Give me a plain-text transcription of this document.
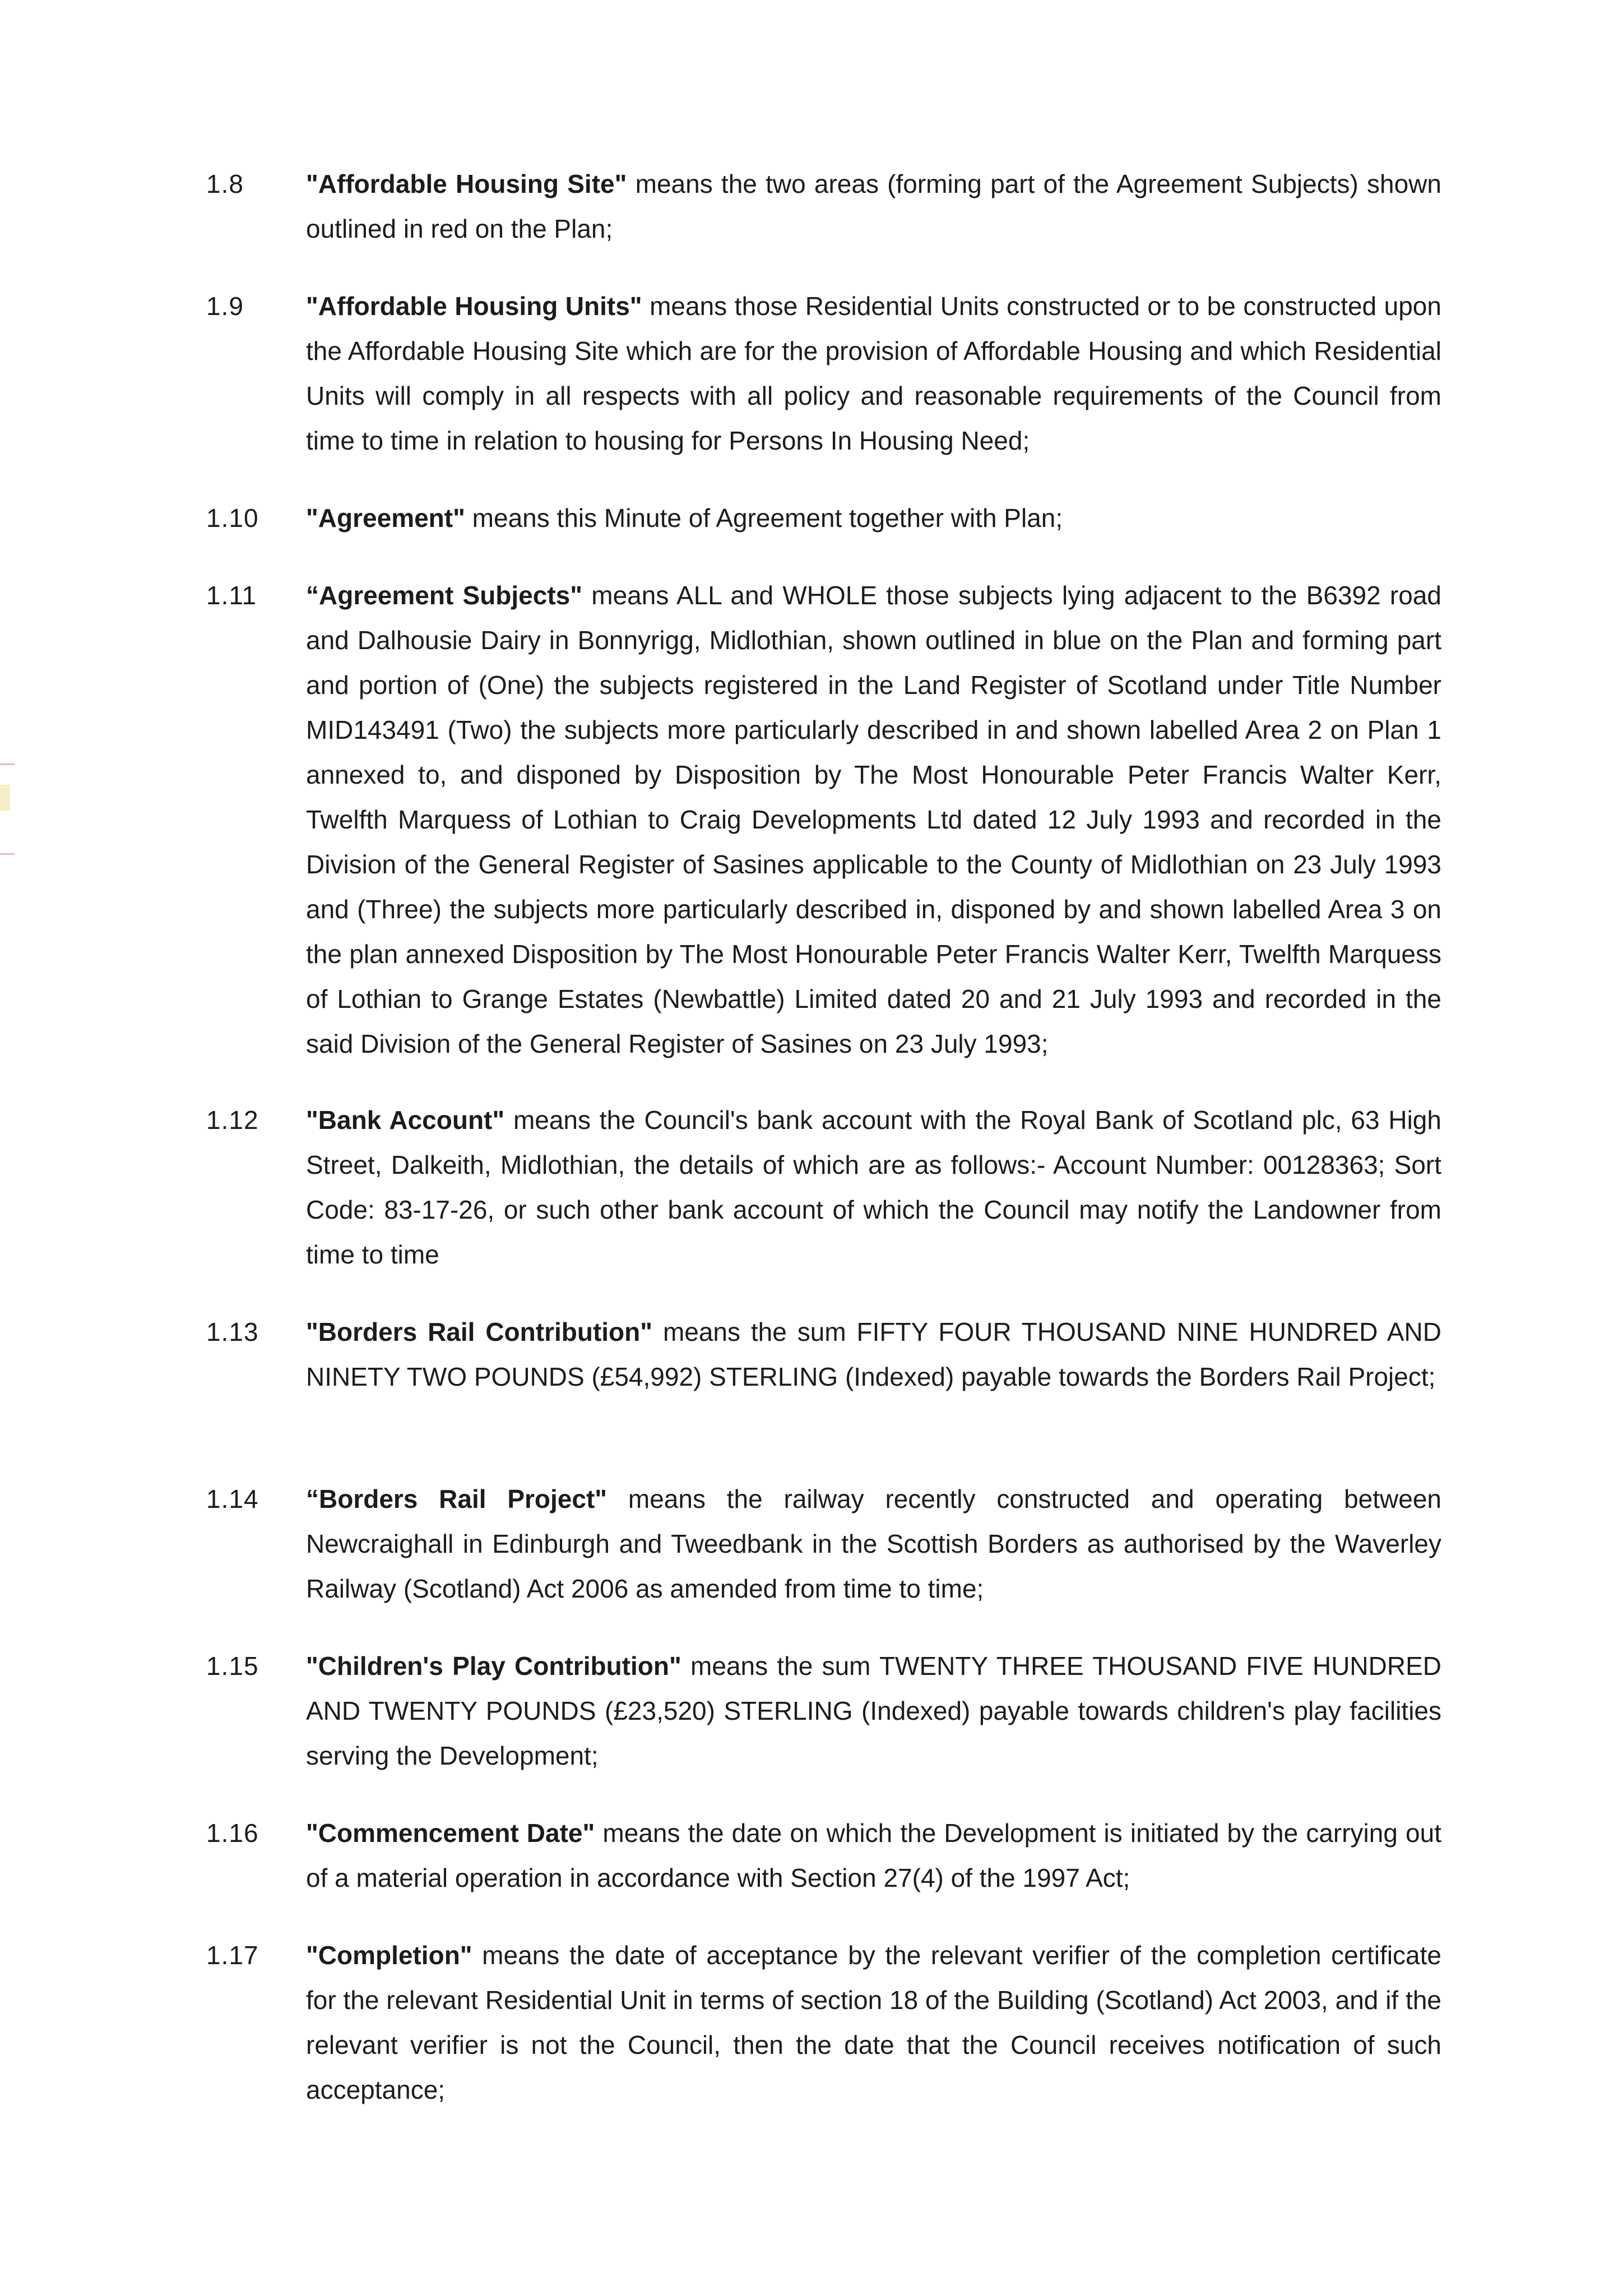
1.8 "Affordable Housing Site" means the two areas (forming part of the Agreement Subjects) shown outlined in red on the Plan;
1.9 "Affordable Housing Units" means those Residential Units constructed or to be constructed upon the Affordable Housing Site which are for the provision of Affordable Housing and which Residential Units will comply in all respects with all policy and reasonable requirements of the Council from time to time in relation to housing for Persons In Housing Need;
1.10 "Agreement" means this Minute of Agreement together with Plan;
1.11 “Agreement Subjects" means ALL and WHOLE those subjects lying adjacent to the B6392 road and Dalhousie Dairy in Bonnyrigg, Midlothian, shown outlined in blue on the Plan and forming part and portion of (One) the subjects registered in the Land Register of Scotland under Title Number MID143491 (Two) the subjects more particularly described in and shown labelled Area 2 on Plan 1 annexed to, and disponed by Disposition by The Most Honourable Peter Francis Walter Kerr, Twelfth Marquess of Lothian to Craig Developments Ltd dated 12 July 1993 and recorded in the Division of the General Register of Sasines applicable to the County of Midlothian on 23 July 1993 and (Three) the subjects more particularly described in, disponed by and shown labelled Area 3 on the plan annexed Disposition by The Most Honourable Peter Francis Walter Kerr, Twelfth Marquess of Lothian to Grange Estates (Newbattle) Limited dated 20 and 21 July 1993 and recorded in the said Division of the General Register of Sasines on 23 July 1993;
1.12 "Bank Account" means the Council's bank account with the Royal Bank of Scotland plc, 63 High Street, Dalkeith, Midlothian, the details of which are as follows:- Account Number: 00128363; Sort Code: 83-17-26, or such other bank account of which the Council may notify the Landowner from time to time
1.13 "Borders Rail Contribution" means the sum FIFTY FOUR THOUSAND NINE HUNDRED AND NINETY TWO POUNDS (£54,992) STERLING (Indexed) payable towards the Borders Rail Project;
1.14 “Borders Rail Project" means the railway recently constructed and operating between Newcraighall in Edinburgh and Tweedbank in the Scottish Borders as authorised by the Waverley Railway (Scotland) Act 2006 as amended from time to time;
1.15 "Children's Play Contribution" means the sum TWENTY THREE THOUSAND FIVE HUNDRED AND TWENTY POUNDS (£23,520) STERLING (Indexed) payable towards children's play facilities serving the Development;
1.16 "Commencement Date" means the date on which the Development is initiated by the carrying out of a material operation in accordance with Section 27(4) of the 1997 Act;
1.17 "Completion" means the date of acceptance by the relevant verifier of the completion certificate for the relevant Residential Unit in terms of section 18 of the Building (Scotland) Act 2003, and if the relevant verifier is not the Council, then the date that the Council receives notification of such acceptance;
